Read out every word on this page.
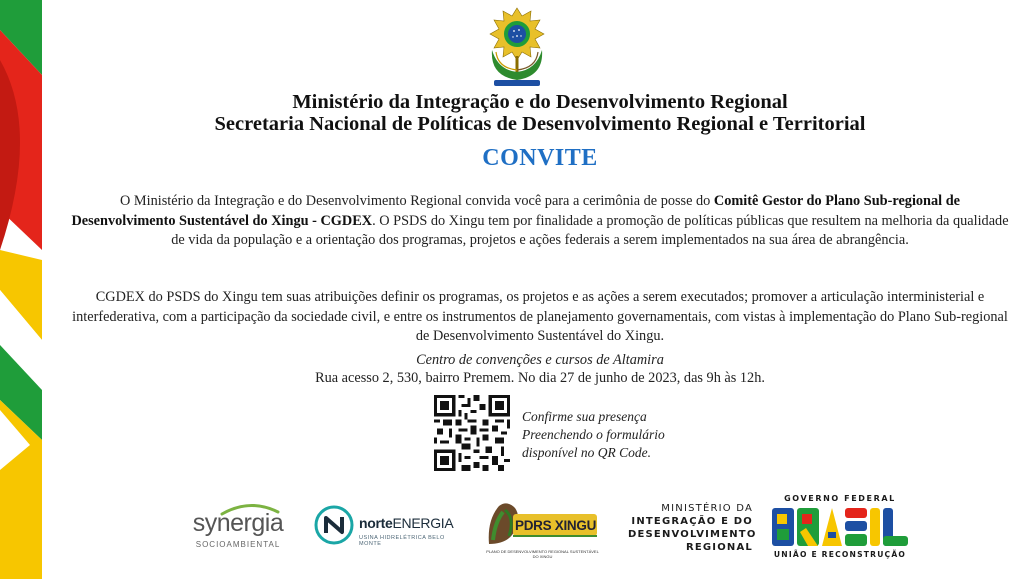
Ministério da Integração e do Desenvolvimento Regional
Secretaria Nacional de Políticas de Desenvolvimento Regional e Territorial
CONVITE
O Ministério da Integração e do Desenvolvimento Regional convida você para a cerimônia de posse do Comitê Gestor do Plano Sub-regional de Desenvolvimento Sustentável do Xingu - CGDEX. O PSDS do Xingu tem por finalidade a promoção de políticas públicas que resultem na melhoria da qualidade de vida da população e a orientação dos programas, projetos e ações federais a serem implementados na sua área de abrangência.
CGDEX do PSDS do Xingu tem suas atribuições definir os programas, os projetos e as ações a serem executados; promover a articulação interministerial e interfederativa, com a participação da sociedade civil, e entre os instrumentos de planejamento governamentais, com vistas à implementação do Plano Sub-regional de Desenvolvimento Sustentável do Xingu.
Centro de convenções e cursos de Altamira
Rua acesso 2, 530, bairro Premem. No dia 27 de junho de 2023, das 9h às 12h.
Confirme sua presença
Preenchendo o formulário
disponível no QR Code.
synergia
SOCIOAMBIENTAL
norteENERGIA
USINA HIDRELÉTRICA BELO MONTE
PDRS XINGU
PLANO DE DESENVOLVIMENTO REGIONAL SUSTENTÁVEL DO XINGU
MINISTÉRIO DA
INTEGRAÇÃO E DO
DESENVOLVIMENTO
REGIONAL
GOVERNO FEDERAL
UNIÃO E RECONSTRUÇÃO
